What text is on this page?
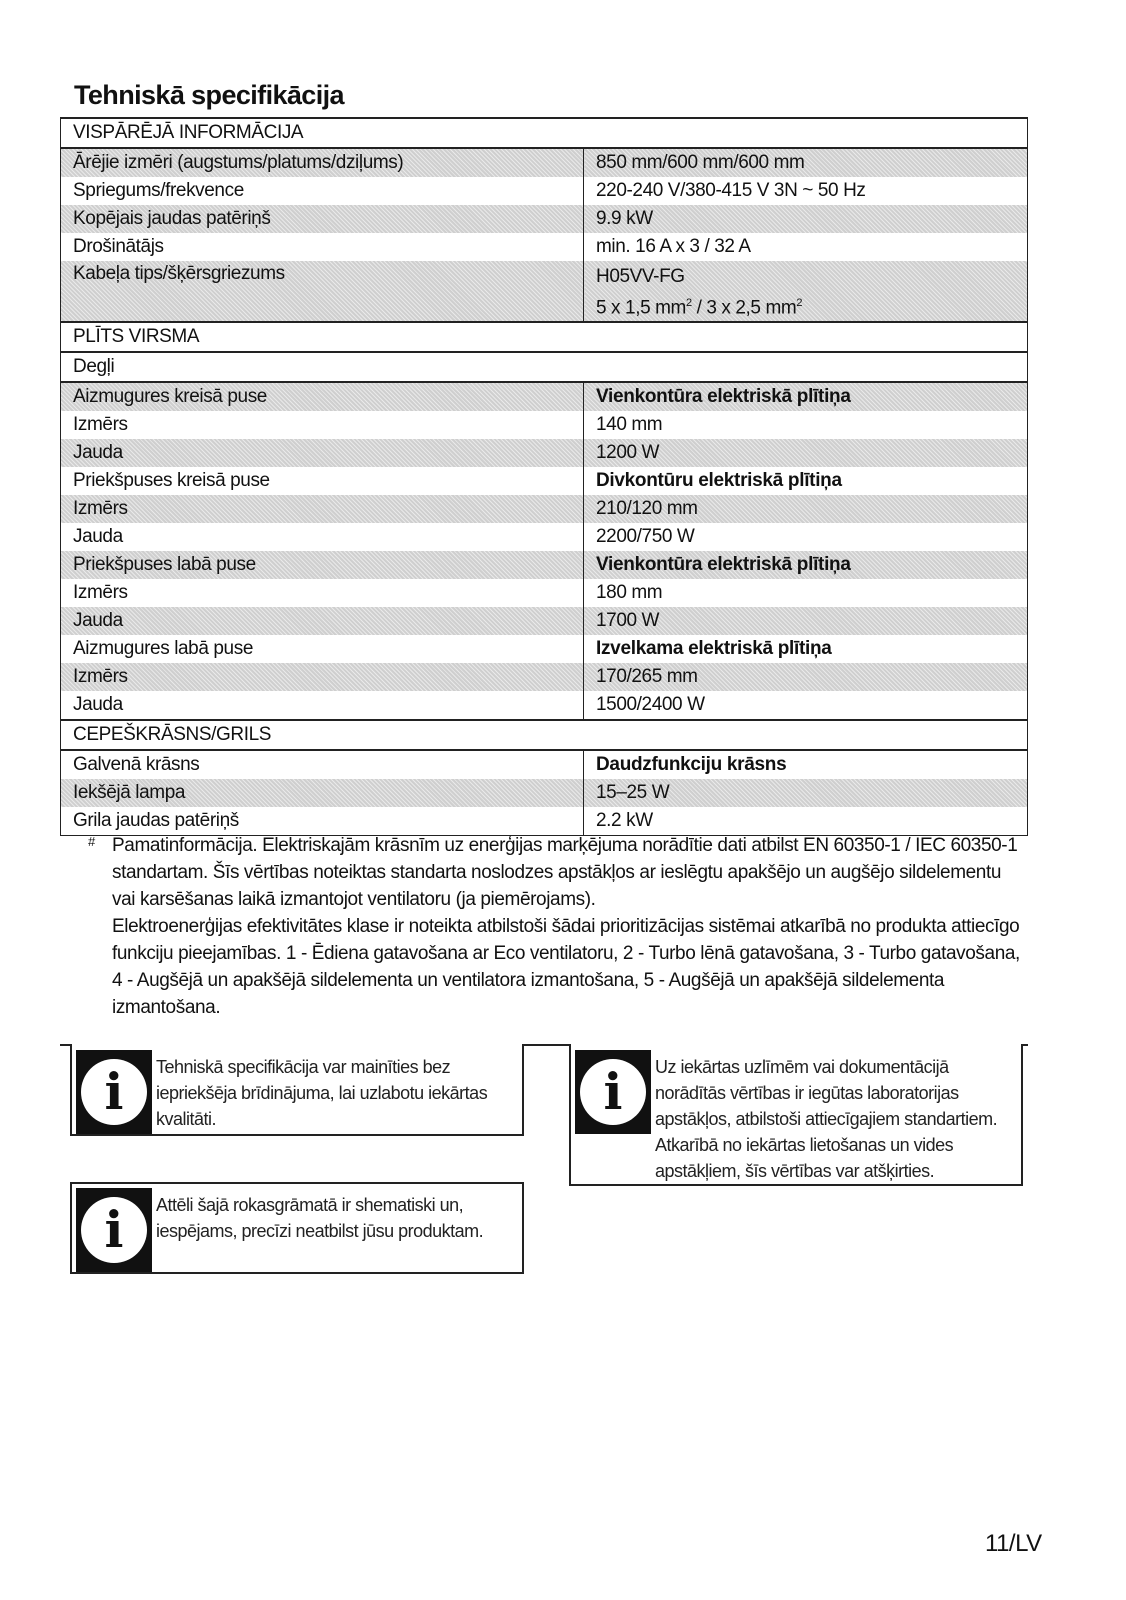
Tehniskā specifikācija
VISPĀRĒJĀ INFORMĀCIJA	
Ārējie izmēri (augstums/platums/dziļums)	850 mm/600 mm/600 mm
Spriegums/frekvence	220-240 V/380-415 V 3N ~ 50 Hz
Kopējais jaudas patēriņš	9.9 kW
Drošinātājs	min. 16 A x 3 / 32 A
Kabeļa tips/šķērsgriezums	H05VV-FG
5 x 1,5 $mm^2 / 3$ x 2,5 $mm^2$

PLĪTS VIRSMA	
Degļi	
Aizmugures kreisā puse	Vienkontūra elektriskā plītiņa
Izmērs	140 mm
Jauda	1200 W
Priekšpuses kreisā puse	Divkontūru elektriskā plītiņa
Izmērs	210/120 mm
Jauda	2200/750 W
Priekšpuses labā puse	Vienkontūra elektriskā plītiņa
Izmērs	180 mm
Jauda	1700 W
Aizmugures labā puse	Izvelkama elektriskā plītiņa
Izmērs	170/265 mm
Jauda	1500/2400 W
CEPEŠKRĀSNS/GRILS	
Galvenā krāsns	Daudzfunkciju krāsns
Iekšējā lampa	15–25 W
Grila jaudas patēriņš	2.2 kW
# Pamatinformācija. Elektriskajām krāsnīm uz enerģijas marķējuma norādītie dati atbilst EN 60350-1 / IEC 60350-1 standartam. Šīs vērtības noteiktas standarta noslodzes apstākļos ar ieslēgtu apakšējo un augšējo sildelementu vai karsēšanas laikā izmantojot ventilatoru (ja piemērojams).

Elektroenerģijas efektivitātes klase ir noteikta atbilstoši šādai prioritizācijas sistēmai atkarībā no produkta attiecīgo funkciju pieejamības. 1 - Ēdiena gatavošana ar Eco ventilatoru, 2 - Turbo lēnā gatavošana, 3 - Turbo gatavošana, 4 - Augšējā un apakšējā sildelementa un ventilatora izmantošana, 5 - Augšējā un apakšējā sildelementa izmantošana.

i	Tehniskā specifikācija var mainīties bez
iepriekšēja brīdinājuma, lai uzlabotu iekārtas
kvalitāti.	i	Uz iekārtas uzlīmēm vai dokumentācijā
norādītās vērtības ir iegūtas laboratorijas
apstākļos, atbilstoši attiecīgajiem standartiem.
Atkarībā no iekārtas lietošanas un vides
apstākļiem, šīs vērtības var atšķirties.
i	Attēli šajā rokasgrāmatā ir shematiski un,
iespējams, precīzi neatbilst jūsu produktam.
11/LV
